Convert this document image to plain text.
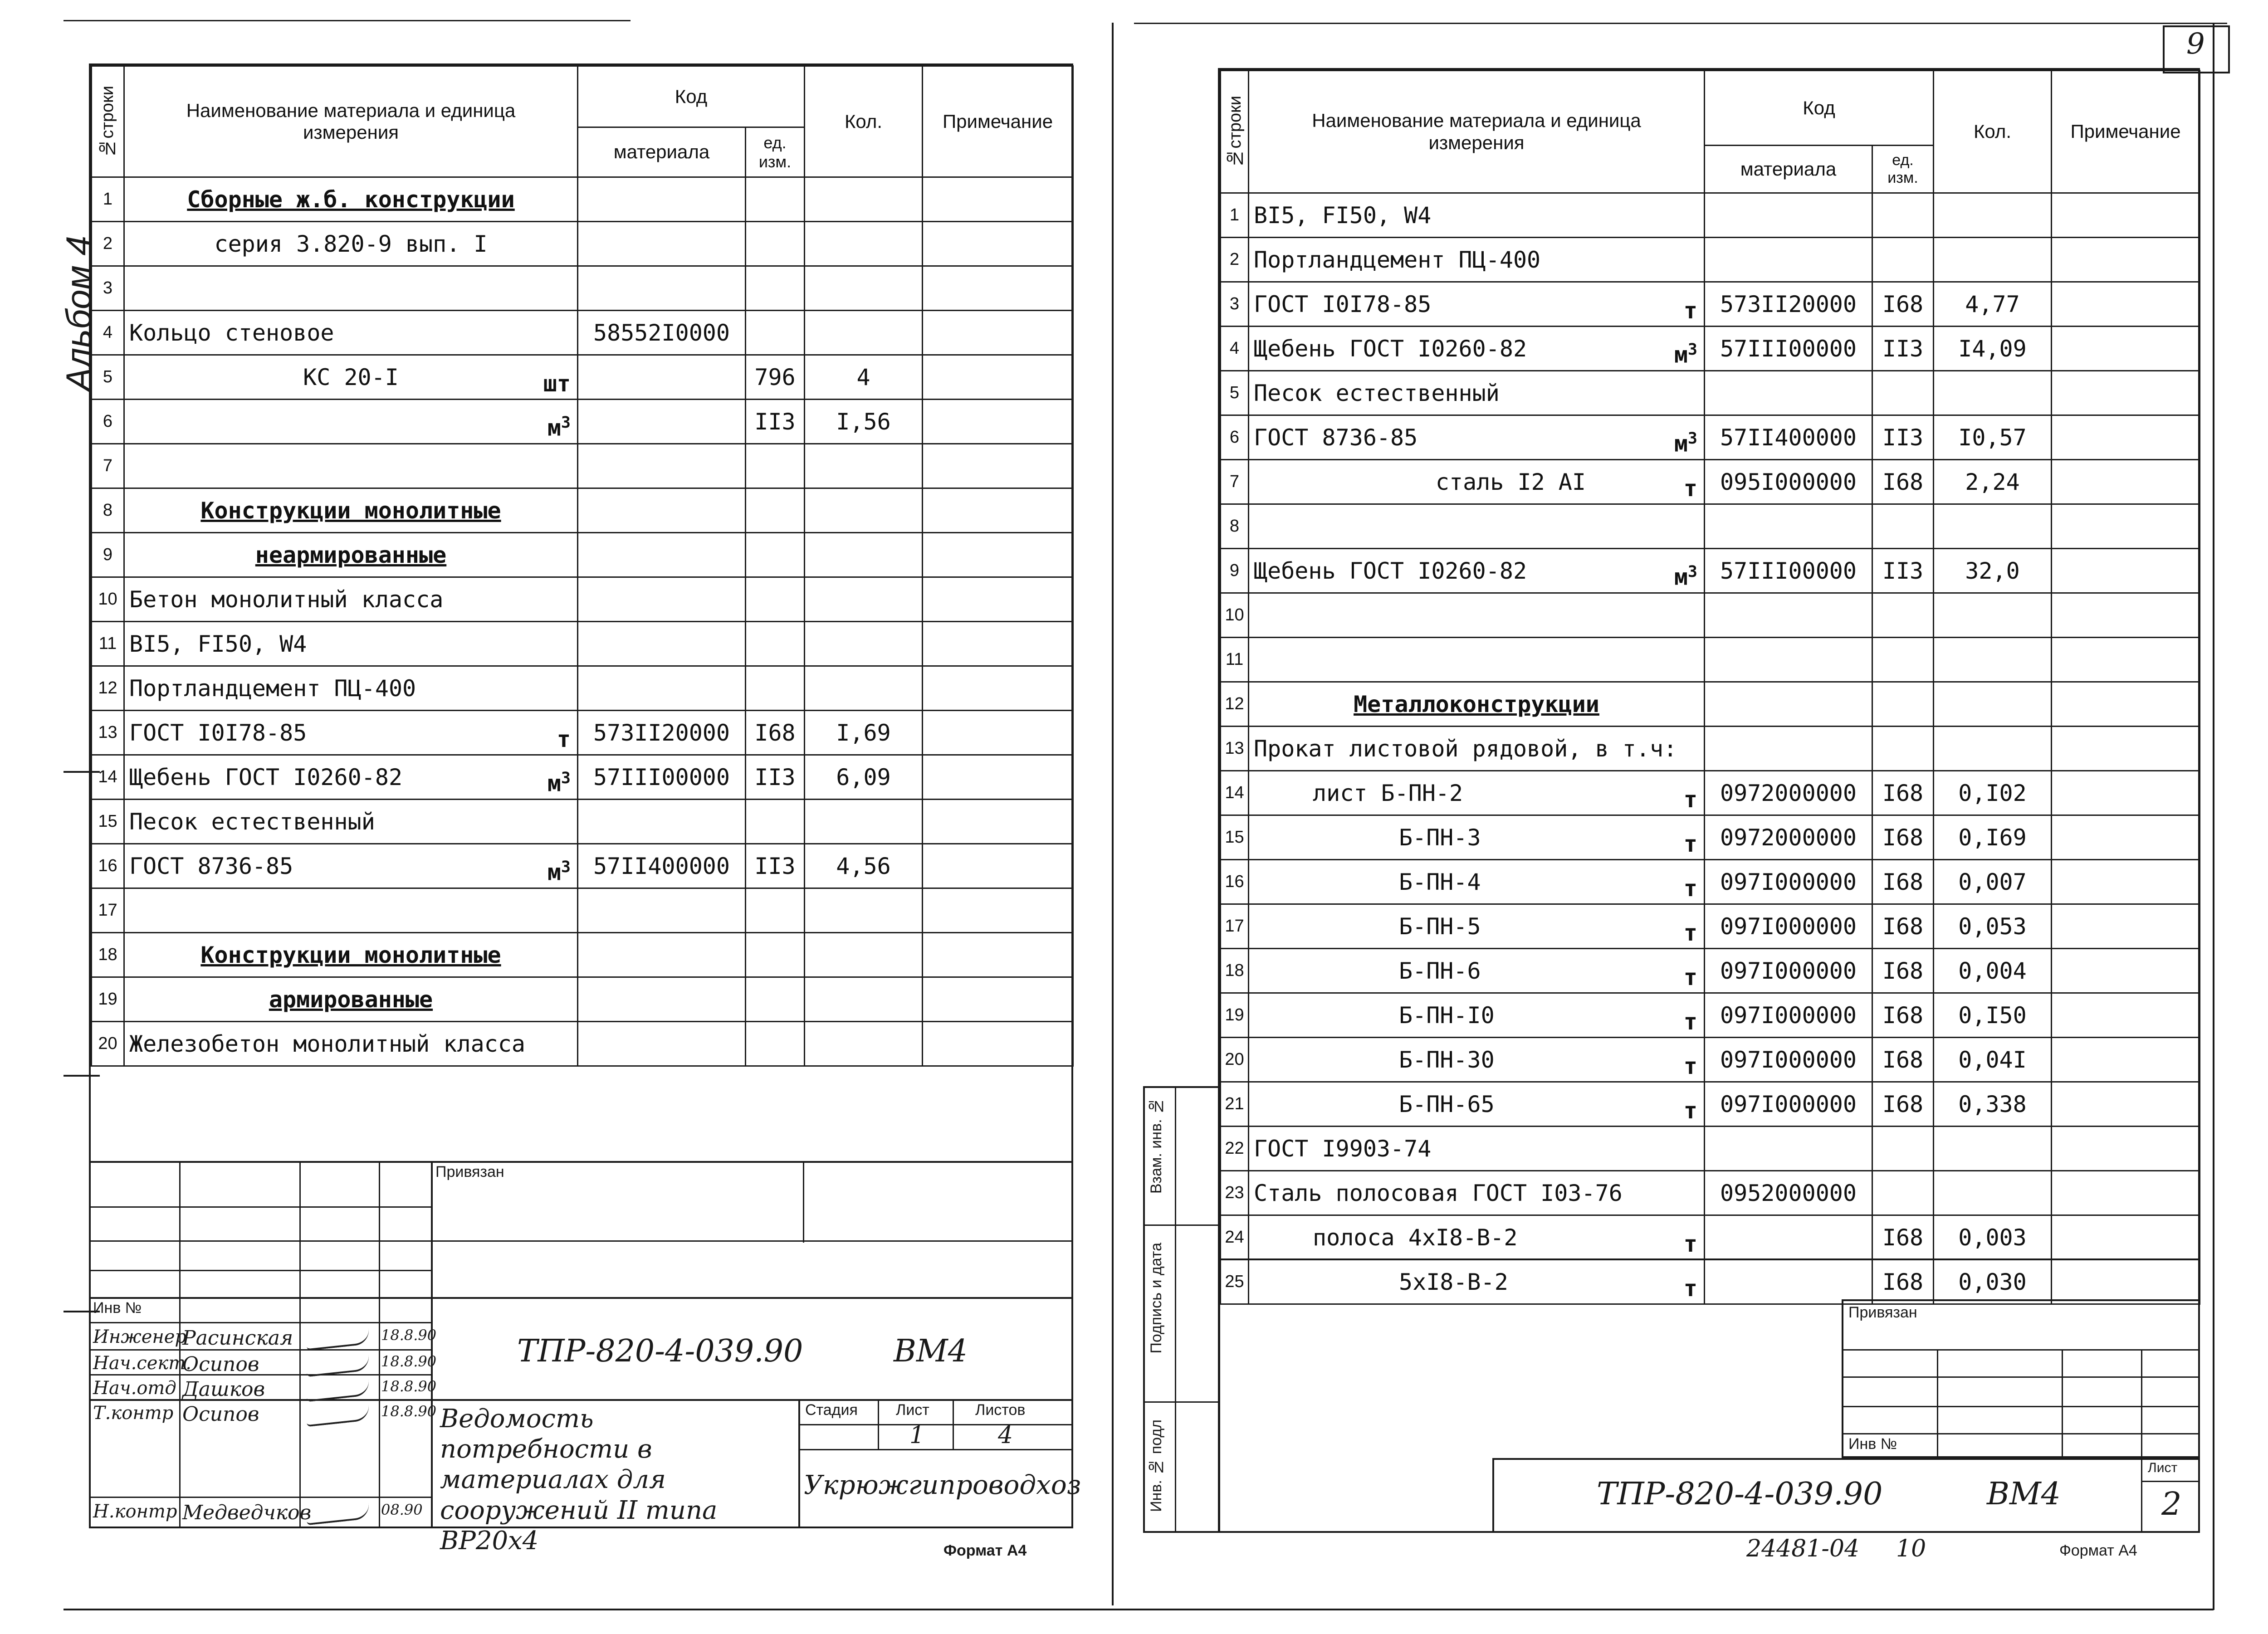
9
Альбом 4
№строки	Наименование материала и единица измерения	Код		Кол.	Примечание
		материала	ед. изм.		
1	Сборные ж.б. конструкции				
2	серия 3.820-9 вып. I				
3					
4	Кольцо стеновое	58552I0000			
5	КС 20-I шт		796	4	
6	$м^3$		II3	I,56	
7					
8	Конструкции монолитные				
9	неармированные				
10	Бетон монолитный класса				
11	BI5, FI50, W4				
12	Портландцемент ПЦ-400				
13	ГОСТ I0I78-85 т	573II20000	I68	I,69	
14	Щебень ГОСТ I0260-82 $м^3$	57III00000	II3	6,09	
15	Песок естественный				
16	ГОСТ 8736-85 $м^3$	57II400000	II3	4,56	
17					
18	Конструкции монолитные				
19	армированные				
20	Железобетон монолитный класса				
Привязан
Инв №
ТПР-820-4-039.90	ВМ4
Ведомость потребности в материалах для сооружений II типа ВР20х4
Стадия Лист	Листов
1	4
Укрюжгипроводхоз
Формат А4
Инженер
Расинская	18.8.90
Нач.сект.
Осипов	18.8.90
Нач.отд Дашков	18.8.90
Т.контр Осипов	18.8.90
Н.контр Медведчков	08.90
№строки	Наименование материала и единица измерения	Код		Кол.	Примечание
		материала	ед. изм.		
1	BI5, FI50, W4				
2	Портландцемент ПЦ-400				
3	ГОСТ I0I78-85 т	573II20000	I68	4,77	
4	Щебень ГОСТ I0260-82 $м^3$	57III00000	II3	I4,09	
5	Песок естественный				
6	ГОСТ 8736-85 $м^3$	57II400000	II3	I0,57	
7	сталь I2 AI т	095I000000	I68	2,24	
8					
9	Щебень ГОСТ I0260-82 $м^3$	57III00000	II3	32,0	
10					
11					
12	Металлоконструкции				
13	Прокат листовой рядовой, в т.ч:				
14	лист Б-ПН-2 т	0972000000	I68	0,I02	
15	Б-ПН-3 т	0972000000	I68	0,I69	
16	Б-ПН-4 т	097I000000	I68	0,007	
17	Б-ПН-5 т	097I000000	I68	0,053	
18	Б-ПН-6 т	097I000000	I68	0,004	
19	Б-ПН-I0 т	097I000000	I68	0,I50	
20	Б-ПН-30 т	097I000000	I68	0,04I	
21	Б-ПН-65 т	097I000000	I68	0,338	
22	ГОСТ I9903-74				
23	Сталь полосовая ГОСТ I03-76	0952000000			
24	полоса 4хI8-В-2 т		I68	0,003	
25	5хI8-В-2 т		I68	0,030	
Взам. инв. №
Подпись и дата
Инв. № подл
Привязан
Инв №
ТПР-820-4-039.90	ВМ4
Лист
2
24481-04 10	Формат А4
